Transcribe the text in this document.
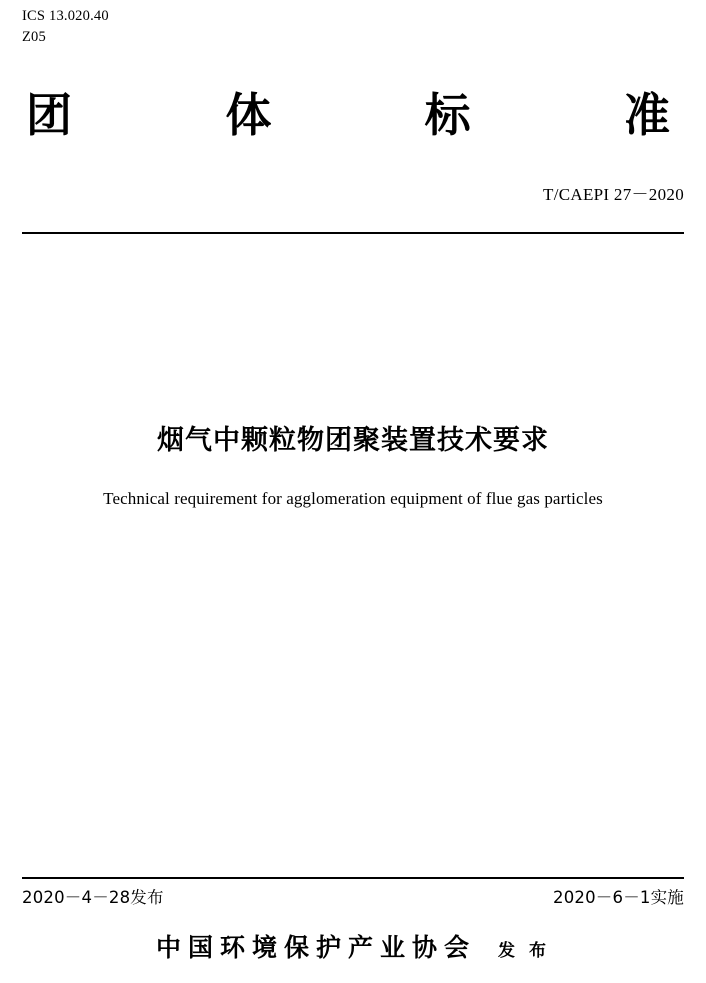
ICS 13.020.40
Z05
团	体	标	准
T/CAEPI 27－2020
烟气中颗粒物团聚装置技术要求
Technical requirement for agglomeration equipment of flue gas particles
2020－4－28发布	2020－6－1实施
中国环境保护产业协会 发 布
